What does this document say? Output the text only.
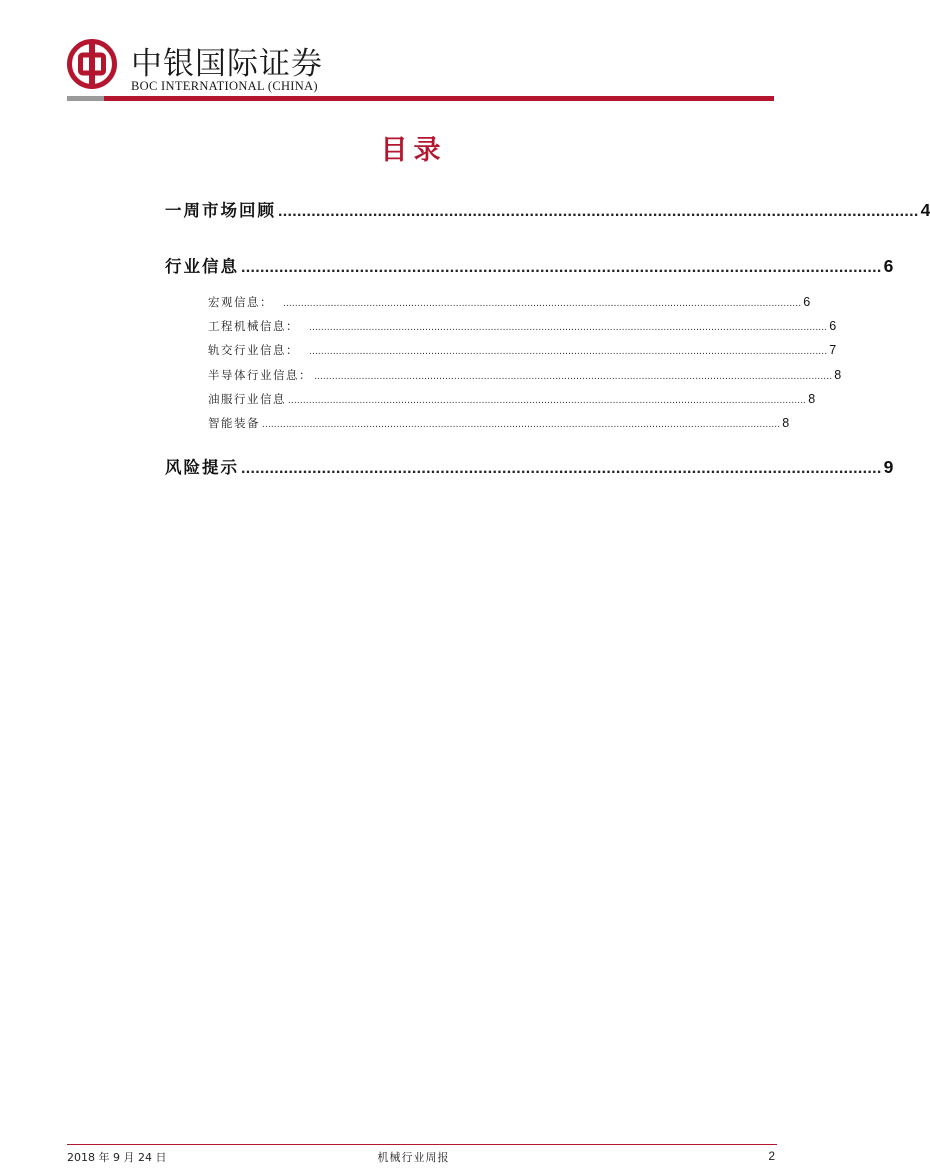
中银国际证券
BOC INTERNATIONAL (CHINA)
目录
一周市场回顾 ....................................................................................................................................... 4
行业信息 ....................................................................................................................................... 6
宏观信息： .............................................................................................................................................................................. 6
工程机械信息： .............................................................................................................................................................................. 6
轨交行业信息： .............................................................................................................................................................................. 7
半导体行业信息： .............................................................................................................................................................................. 8
油服行业信息 .............................................................................................................................................................................. 8
智能装备 .............................................................................................................................................................................. 8
风险提示 ....................................................................................................................................... 9
2018 年 9 月 24 日	机械行业周报	2
